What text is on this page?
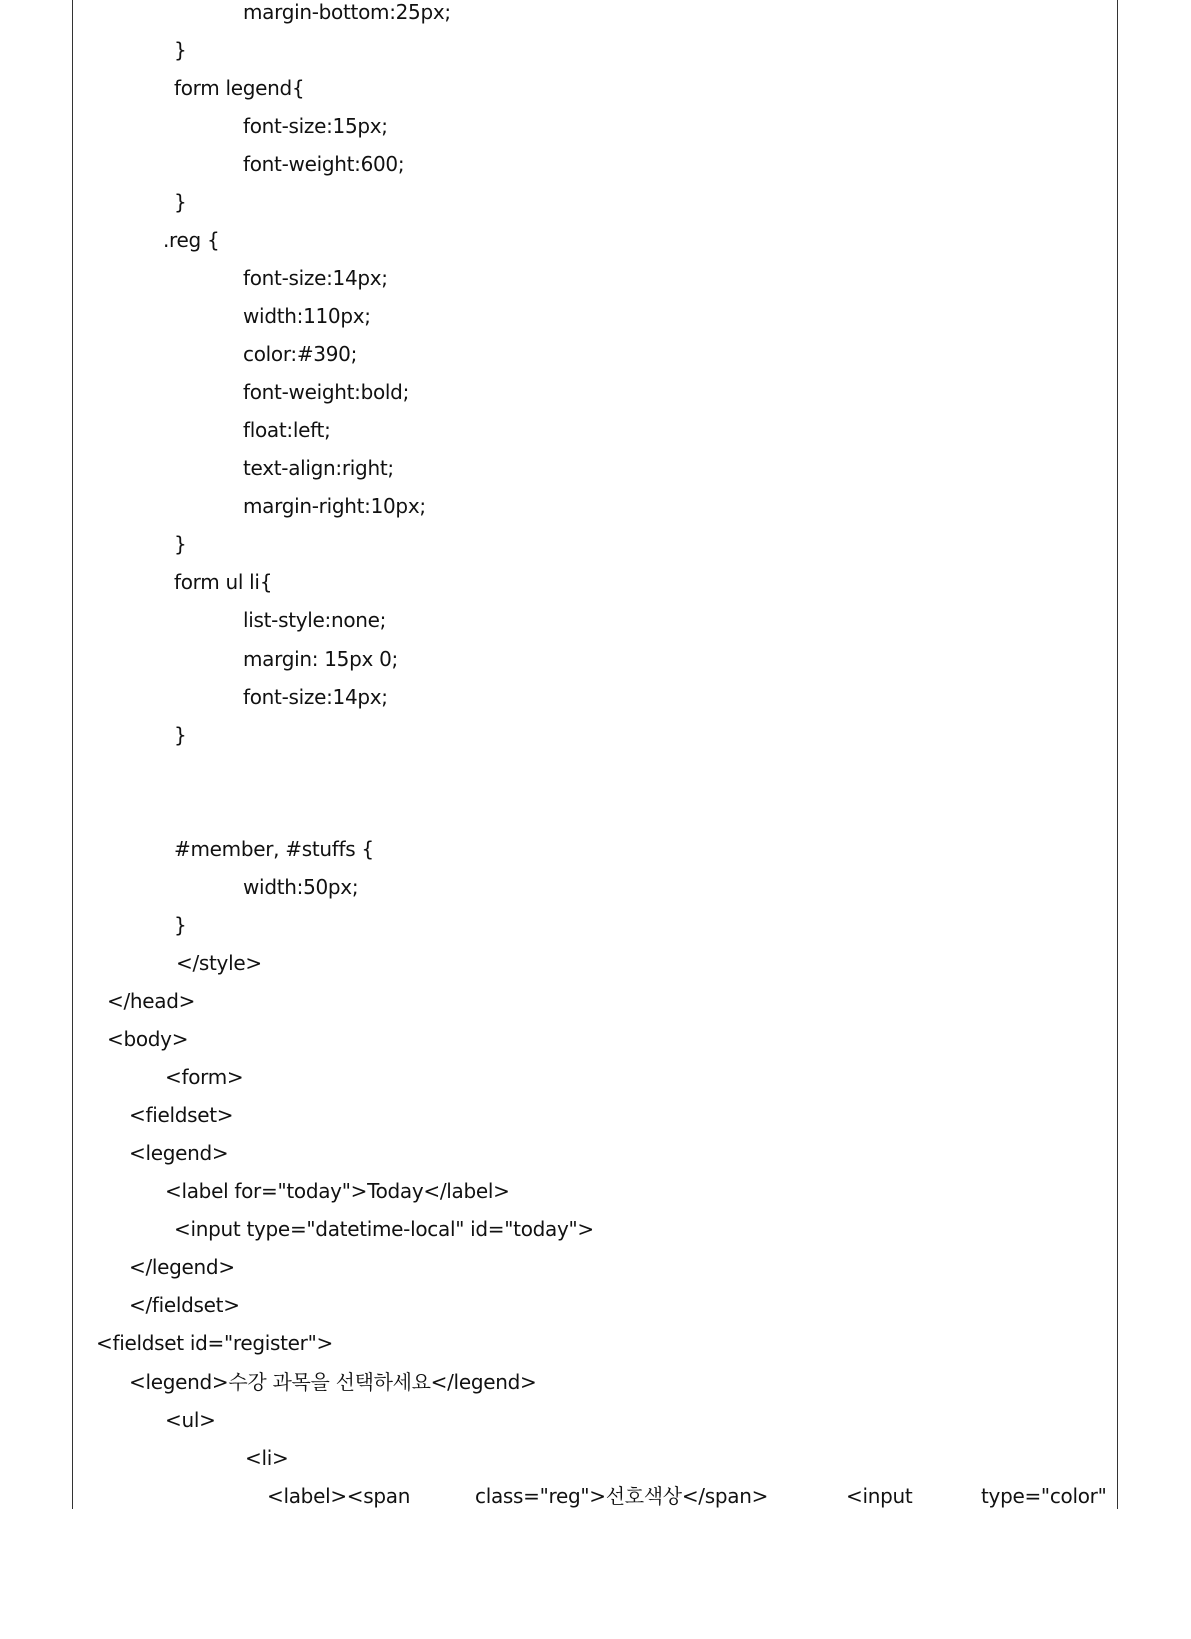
margin-bottom:25px;
}
form legend{
font-size:15px;
font-weight:600;
}
.reg {
font-size:14px;
width:110px;
color:#390;
font-weight:bold;
float:left;
text-align:right;
margin-right:10px;
}
form ul li{
list-style:none;
margin: 15px 0;
font-size:14px;
}
#member, #stuffs {
width:50px;
}
</style>
</head>
<body>
<form>
<fieldset>
<legend>
<label for="today">Today</label>
<input type="datetime-local" id="today">
</legend>
</fieldset>
<fieldset id="register">
<legend>수강 과목을 선택하세요</legend>
<ul>
<li>

<label><span

	class="reg">선호색상</span>

	<input

	type="color"
